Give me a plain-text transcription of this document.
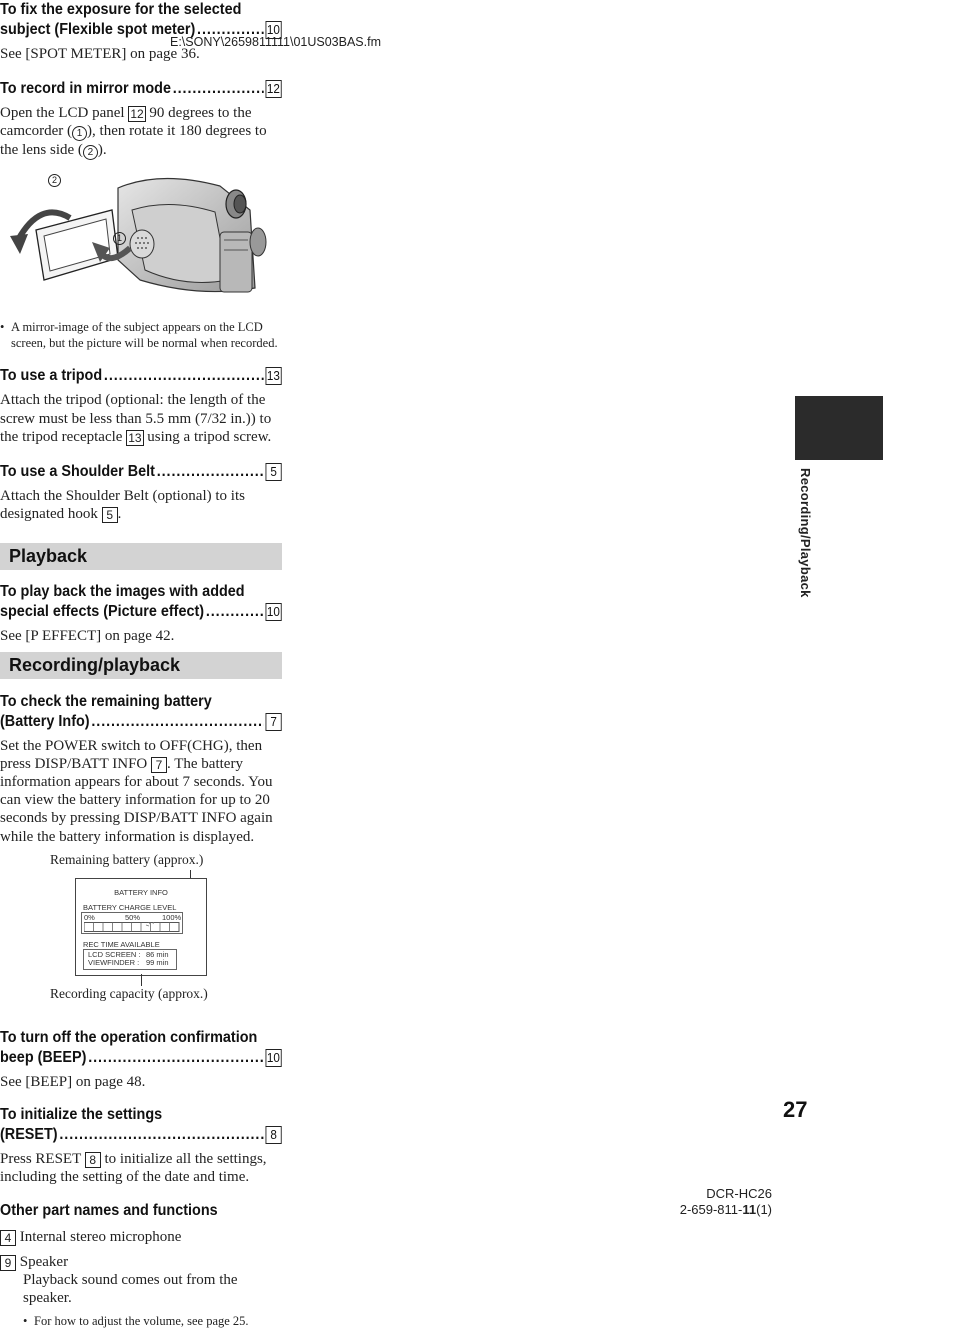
E:\SONY\2659811111\01US03BAS.fm
To fix the exposure for the selected
subject (Flexible spot meter) .....	10
See [SPOT METER] on page 36.
To record in mirror mode .....	12
Open the LCD panel 12 90 degrees to the camcorder ( 1 ), then rotate it 180 degrees to the lens side ( 2 ).
2
1
• A mirror-image of the subject appears on the LCD screen, but the picture will be normal when recorded.
To use a tripod .....	13
Attach the tripod (optional: the length of the screw must be less than 5.5 mm (7/32 in.)) to the tripod receptacle 13 using a tripod screw.
To use a Shoulder Belt .....	5
Attach the Shoulder Belt (optional) to its designated hook 5 .
Playback
To play back the images with added
special effects (Picture effect) .....	10
See [P EFFECT] on page 42.
Recording/playback
To check the remaining battery
(Battery Info) .....	7
Set the POWER switch to OFF(CHG), then press DISP/BATT INFO 7 . The battery information appears for about 7 seconds. You can view the battery information for up to 20 seconds by pressing DISP/BATT INFO again while the battery information is displayed.
Remaining battery (approx.)
BATTERY INFO
BATTERY CHARGE LEVEL
0%	50%	100%
REC TIME AVAILABLE
LCD SCREEN : 86 min
VIEWFINDER : 99 min
Recording capacity (approx.)
To turn off the operation confirmation
beep (BEEP) .....	10
See [BEEP] on page 48.
To initialize the settings
(RESET) .....	8
Press RESET 8 to initialize all the settings, including the setting of the date and time.
Other part names and functions
4 Internal stereo microphone
9 Speaker
Playback sound comes out from the speaker.
• For how to adjust the volume, see page 25.
Recording/Playback
27
DCR-HC26
2-659-811-11(1)
